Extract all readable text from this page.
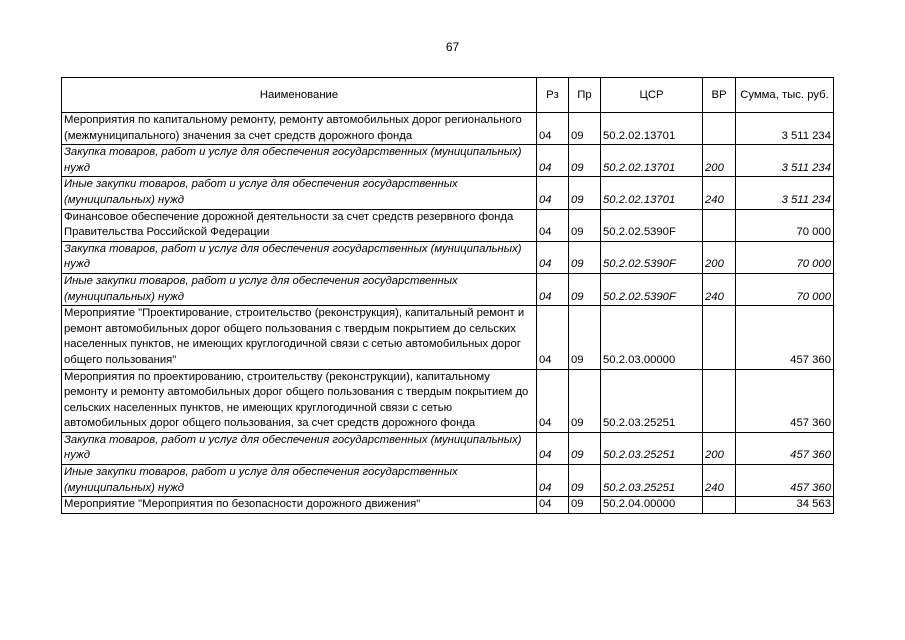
67
Наименование	Рз	Пр	ЦСР	ВР	Сумма, тыс. руб.
Мероприятия по капитальному ремонту, ремонту автомобильных дорог регионального (межмуниципального) значения за счет средств дорожного фонда	04	09	50.2.02.13701		3 511 234
Закупка товаров, работ и услуг для обеспечения государственных (муниципальных) нужд	04	09	50.2.02.13701	200	3 511 234
Иные закупки товаров, работ и услуг для обеспечения государственных (муниципальных) нужд	04	09	50.2.02.13701	240	3 511 234
Финансовое обеспечение дорожной деятельности за счет средств резервного фонда Правительства Российской Федерации	04	09	50.2.02.5390F		70 000
Закупка товаров, работ и услуг для обеспечения государственных (муниципальных) нужд	04	09	50.2.02.5390F	200	70 000
Иные закупки товаров, работ и услуг для обеспечения государственных (муниципальных) нужд	04	09	50.2.02.5390F	240	70 000
Мероприятие "Проектирование, строительство (реконструкция), капитальный ремонт и ремонт автомобильных дорог общего пользования с твердым покрытием до сельских населенных пунктов, не имеющих круглогодичной связи с сетью автомобильных дорог общего пользования"	04	09	50.2.03.00000		457 360
Мероприятия по проектированию, строительству (реконструкции), капитальному ремонту и ремонту автомобильных дорог общего пользования с твердым покрытием до сельских населенных пунктов, не имеющих круглогодичной связи с сетью автомобильных дорог общего пользования, за счет средств дорожного фонда	04	09	50.2.03.25251		457 360
Закупка товаров, работ и услуг для обеспечения государственных (муниципальных) нужд	04	09	50.2.03.25251	200	457 360
Иные закупки товаров, работ и услуг для обеспечения государственных (муниципальных) нужд	04	09	50.2.03.25251	240	457 360
Мероприятие "Мероприятия по безопасности дорожного движения"	04	09	50.2.04.00000		34 563
